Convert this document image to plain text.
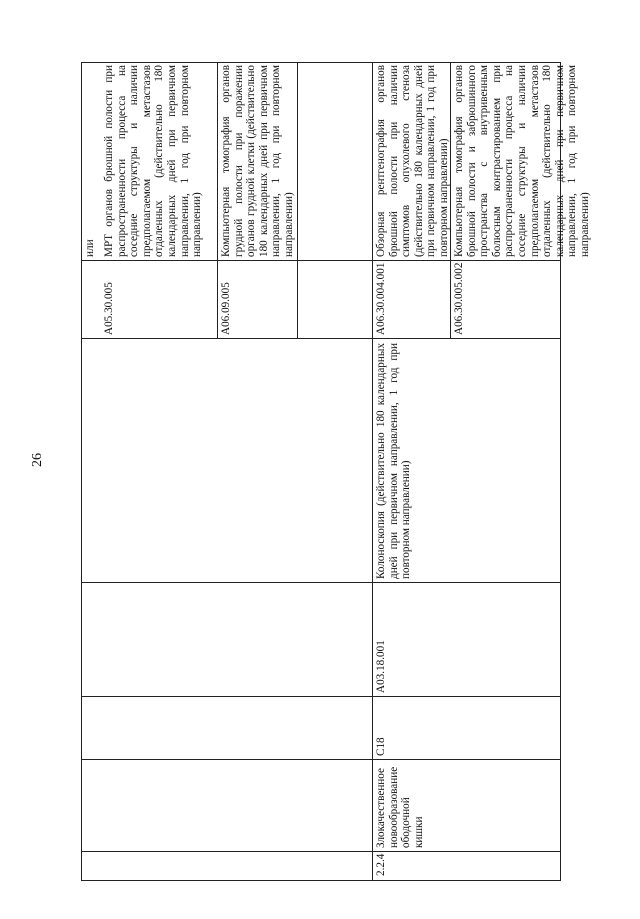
26
или
A05.30.005
МРТ органов брюшной полости при распространенности процесса на соседние структуры и наличии предполагаемом метастазов отдаленных (действительно 180 календарных дней при первичном направлении, 1 год при повторном направлении)
A06.09.005
Компьютерная томография органов грудной полости при поражении органов грудной клетки (действительно 180 календарных дней при первичном направлении, 1 год при повторном направлении)
2.2.4
Злокачественное новообразование ободочной кишки
C18
A03.18.001
Колоноскопия (действительно 180 календарных дней при первичном направлении, 1 год при повторном направлении)
A06.30.004.001
Обзорная рентгенография органов брюшной полости при наличии симптомов опухолевого стеноза (действительно 180 календарных дней при первичном направлении, 1 год при повторном направлении)
A06.30.005.002
Компьютерная томография органов брюшной полости и забрюшинного пространства с внутривенным болюсным контрастированием при распространенности процесса на соседние структуры и наличии предполагаемом метастазов отдаленных (действительно 180 календарных дней при первичном направлении, 1 год при повторном направлении)
